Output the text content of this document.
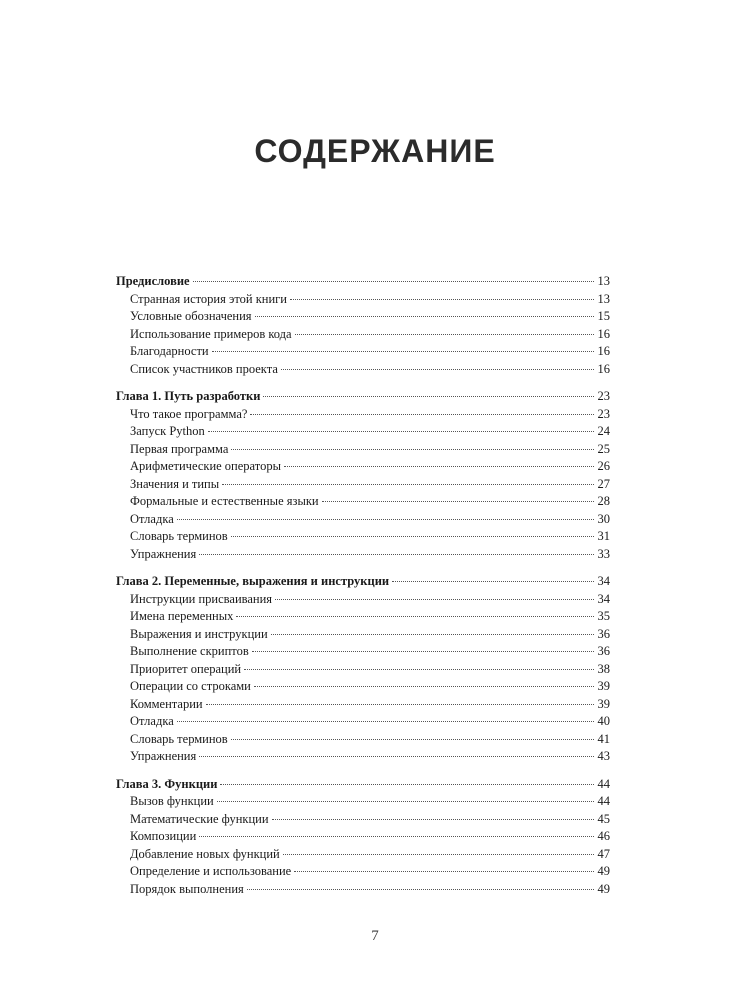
СОДЕРЖАНИЕ
Предисловие	13
Странная история этой книги	13
Условные обозначения	15
Использование примеров кода	16
Благодарности	16
Список участников проекта	16
Глава 1. Путь разработки	23
Что такое программа?	23
Запуск Python	24
Первая программа	25
Арифметические операторы	26
Значения и типы	27
Формальные и естественные языки	28
Отладка	30
Словарь терминов	31
Упражнения	33
Глава 2. Переменные, выражения и инструкции	34
Инструкции присваивания	34
Имена переменных	35
Выражения и инструкции	36
Выполнение скриптов	36
Приоритет операций	38
Операции со строками	39
Комментарии	39
Отладка	40
Словарь терминов	41
Упражнения	43
Глава 3. Функции	44
Вызов функции	44
Математические функции	45
Композиции	46
Добавление новых функций	47
Определение и использование	49
Порядок выполнения	49
7
